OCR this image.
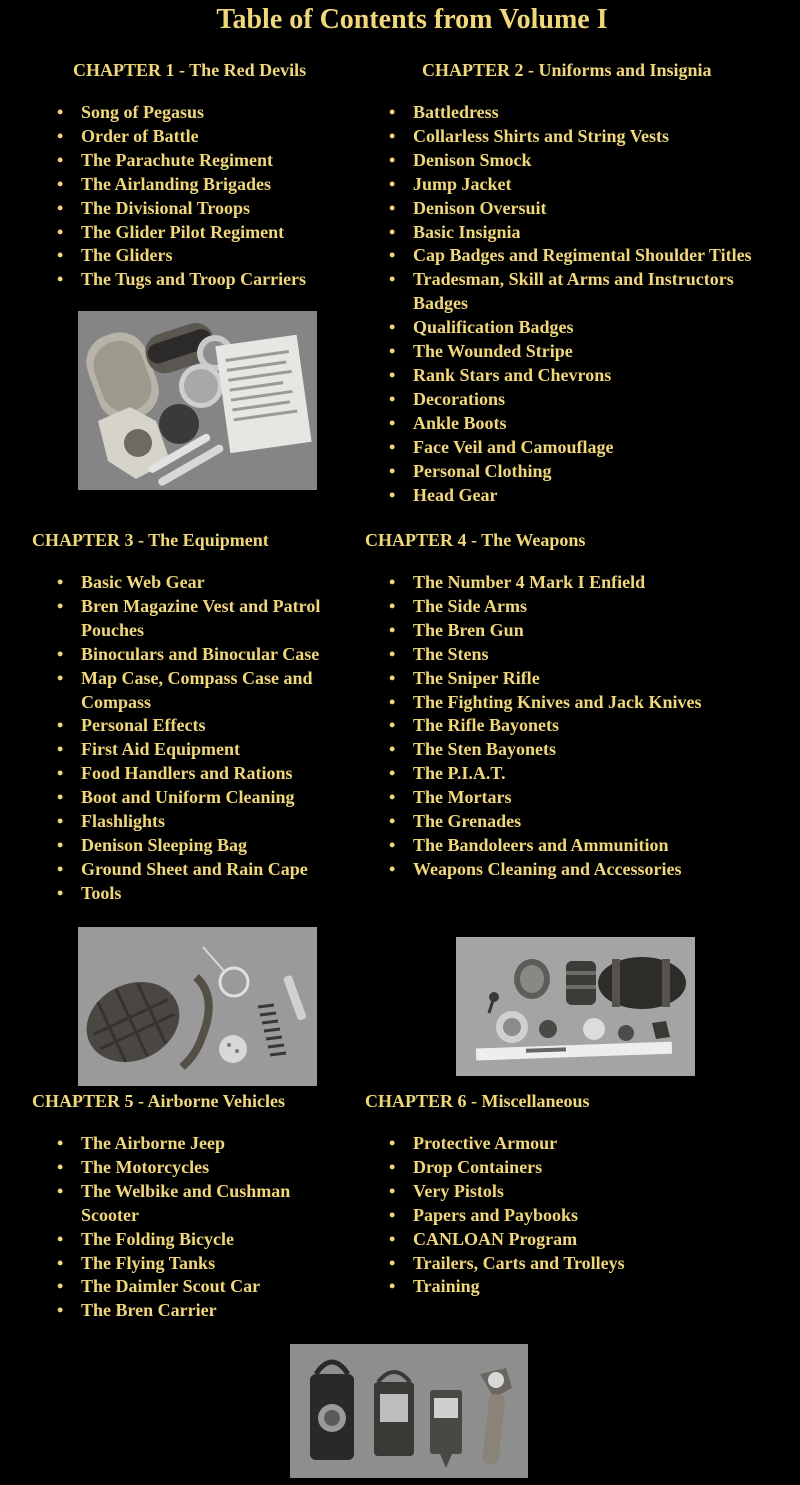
Table of Contents from Volume I
CHAPTER 1 - The Red Devils
• Song of Pegasus
• Order of Battle
• The Parachute Regiment
• The Airlanding Brigades
• The Divisional Troops
• The Glider Pilot Regiment
• The Gliders
• The Tugs and Troop Carriers
CHAPTER 2 - Uniforms and Insignia
• Battledress
• Collarless Shirts and String Vests
• Denison Smock
• Jump Jacket
• Denison Oversuit
• Basic Insignia
• Cap Badges and Regimental Shoulder Titles
• Tradesman, Skill at Arms and Instructors Badges
• Qualification Badges
• The Wounded Stripe
• Rank Stars and Chevrons
• Decorations
• Ankle Boots
• Face Veil and Camouflage
• Personal Clothing
• Head Gear
CHAPTER 3 - The Equipment
• Basic Web Gear
• Bren Magazine Vest and Patrol Pouches
• Binoculars and Binocular Case
• Map Case, Compass Case and Compass
• Personal Effects
• First Aid Equipment
• Food Handlers and Rations
• Boot and Uniform Cleaning
• Flashlights
• Denison Sleeping Bag
• Ground Sheet and Rain Cape
• Tools
CHAPTER 4 - The Weapons
• The Number 4 Mark I Enfield
• The Side Arms
• The Bren Gun
• The Stens
• The Sniper Rifle
• The Fighting Knives and Jack Knives
• The Rifle Bayonets
• The Sten Bayonets
• The P.I.A.T.
• The Mortars
• The Grenades
• The Bandoleers and Ammunition
• Weapons Cleaning and Accessories
CHAPTER 5 - Airborne Vehicles
• The Airborne Jeep
• The Motorcycles
• The Welbike and Cushman Scooter
• The Folding Bicycle
• The Flying Tanks
• The Daimler Scout Car
• The Bren Carrier
CHAPTER 6 - Miscellaneous
• Protective Armour
• Drop Containers
• Very Pistols
• Papers and Paybooks
• CANLOAN Program
• Trailers, Carts and Trolleys
• Training
